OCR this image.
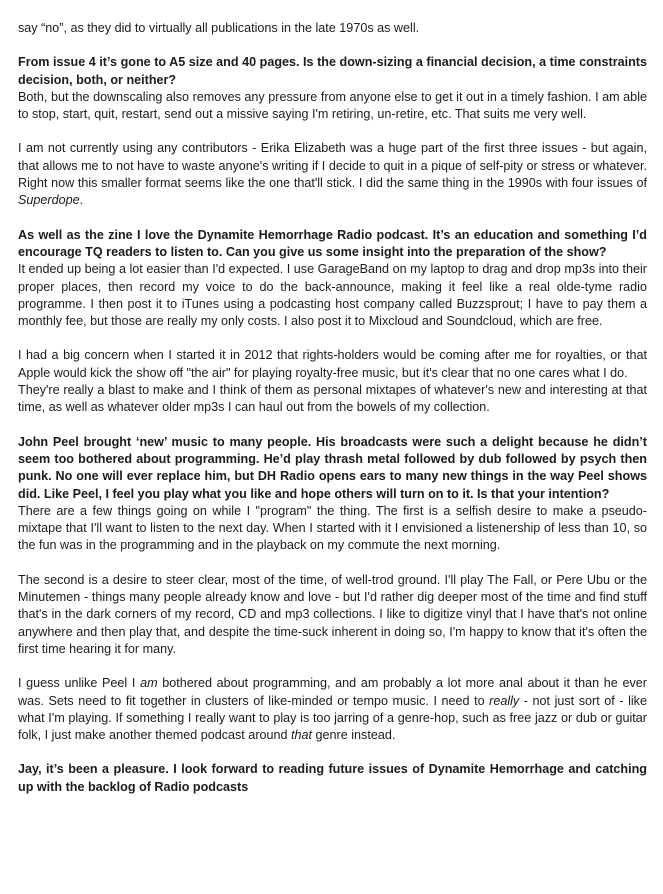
say “no”, as they did to virtually all publications in the late 1970s as well.

From issue 4 it’s gone to A5 size and 40 pages. Is the down-sizing a financial decision, a time constraints decision, both, or neither?

Both, but the downscaling also removes any pressure from anyone else to get it out in a timely fashion. I am able to stop, start, quit, restart, send out a missive saying I'm retiring, un-retire, etc. That suits me very well.

I am not currently using any contributors - Erika Elizabeth was a huge part of the first three issues - but again, that allows me to not have to waste anyone's writing if I decide to quit in a pique of self-pity or stress or whatever. Right now this smaller format seems like the one that'll stick. I did the same thing in the 1990s with four issues of Superdope.

As well as the zine I love the Dynamite Hemorrhage Radio podcast. It’s an education and something I’d encourage TQ readers to listen to. Can you give us some insight into the preparation of the show?

It ended up being a lot easier than I'd expected. I use GarageBand on my laptop to drag and drop mp3s into their proper places, then record my voice to do the back-announce, making it feel like a real olde-tyme radio programme. I then post it to iTunes using a podcasting host company called Buzzsprout; I have to pay them a monthly fee, but those are really my only costs. I also post it to Mixcloud and Soundcloud, which are free.

I had a big concern when I started it in 2012 that rights-holders would be coming after me for royalties, or that Apple would kick the show off "the air" for playing royalty-free music, but it's clear that no one cares what I do.

They're really a blast to make and I think of them as personal mixtapes of whatever's new and interesting at that time, as well as whatever older mp3s I can haul out from the bowels of my collection.

John Peel brought ‘new’ music to many people. His broadcasts were such a delight because he didn’t seem too bothered about programming. He’d play thrash metal followed by dub followed by psych then punk. No one will ever replace him, but DH Radio opens ears to many new things in the way Peel shows did. Like Peel, I feel you play what you like and hope others will turn on to it. Is that your intention?

There are a few things going on while I "program" the thing. The first is a selfish desire to make a pseudo-mixtape that I'll want to listen to the next day. When I started with it I envisioned a listenership of less than 10, so the fun was in the programming and in the playback on my commute the next morning.

The second is a desire to steer clear, most of the time, of well-trod ground. I'll play The Fall, or Pere Ubu or the Minutemen - things many people already know and love - but I'd rather dig deeper most of the time and find stuff that's in the dark corners of my record, CD and mp3 collections. I like to digitize vinyl that I have that's not online anywhere and then play that, and despite the time-suck inherent in doing so, I'm happy to know that it's often the first time hearing it for many.

I guess unlike Peel I am bothered about programming, and am probably a lot more anal about it than he ever was. Sets need to fit together in clusters of like-minded or tempo music. I need to really - not just sort of - like what I'm playing. If something I really want to play is too jarring of a genre-hop, such as free jazz or dub or guitar folk, I just make another themed podcast around that genre instead.

Jay, it’s been a pleasure. I look forward to reading future issues of Dynamite Hemorrhage and catching up with the backlog of Radio podcasts
